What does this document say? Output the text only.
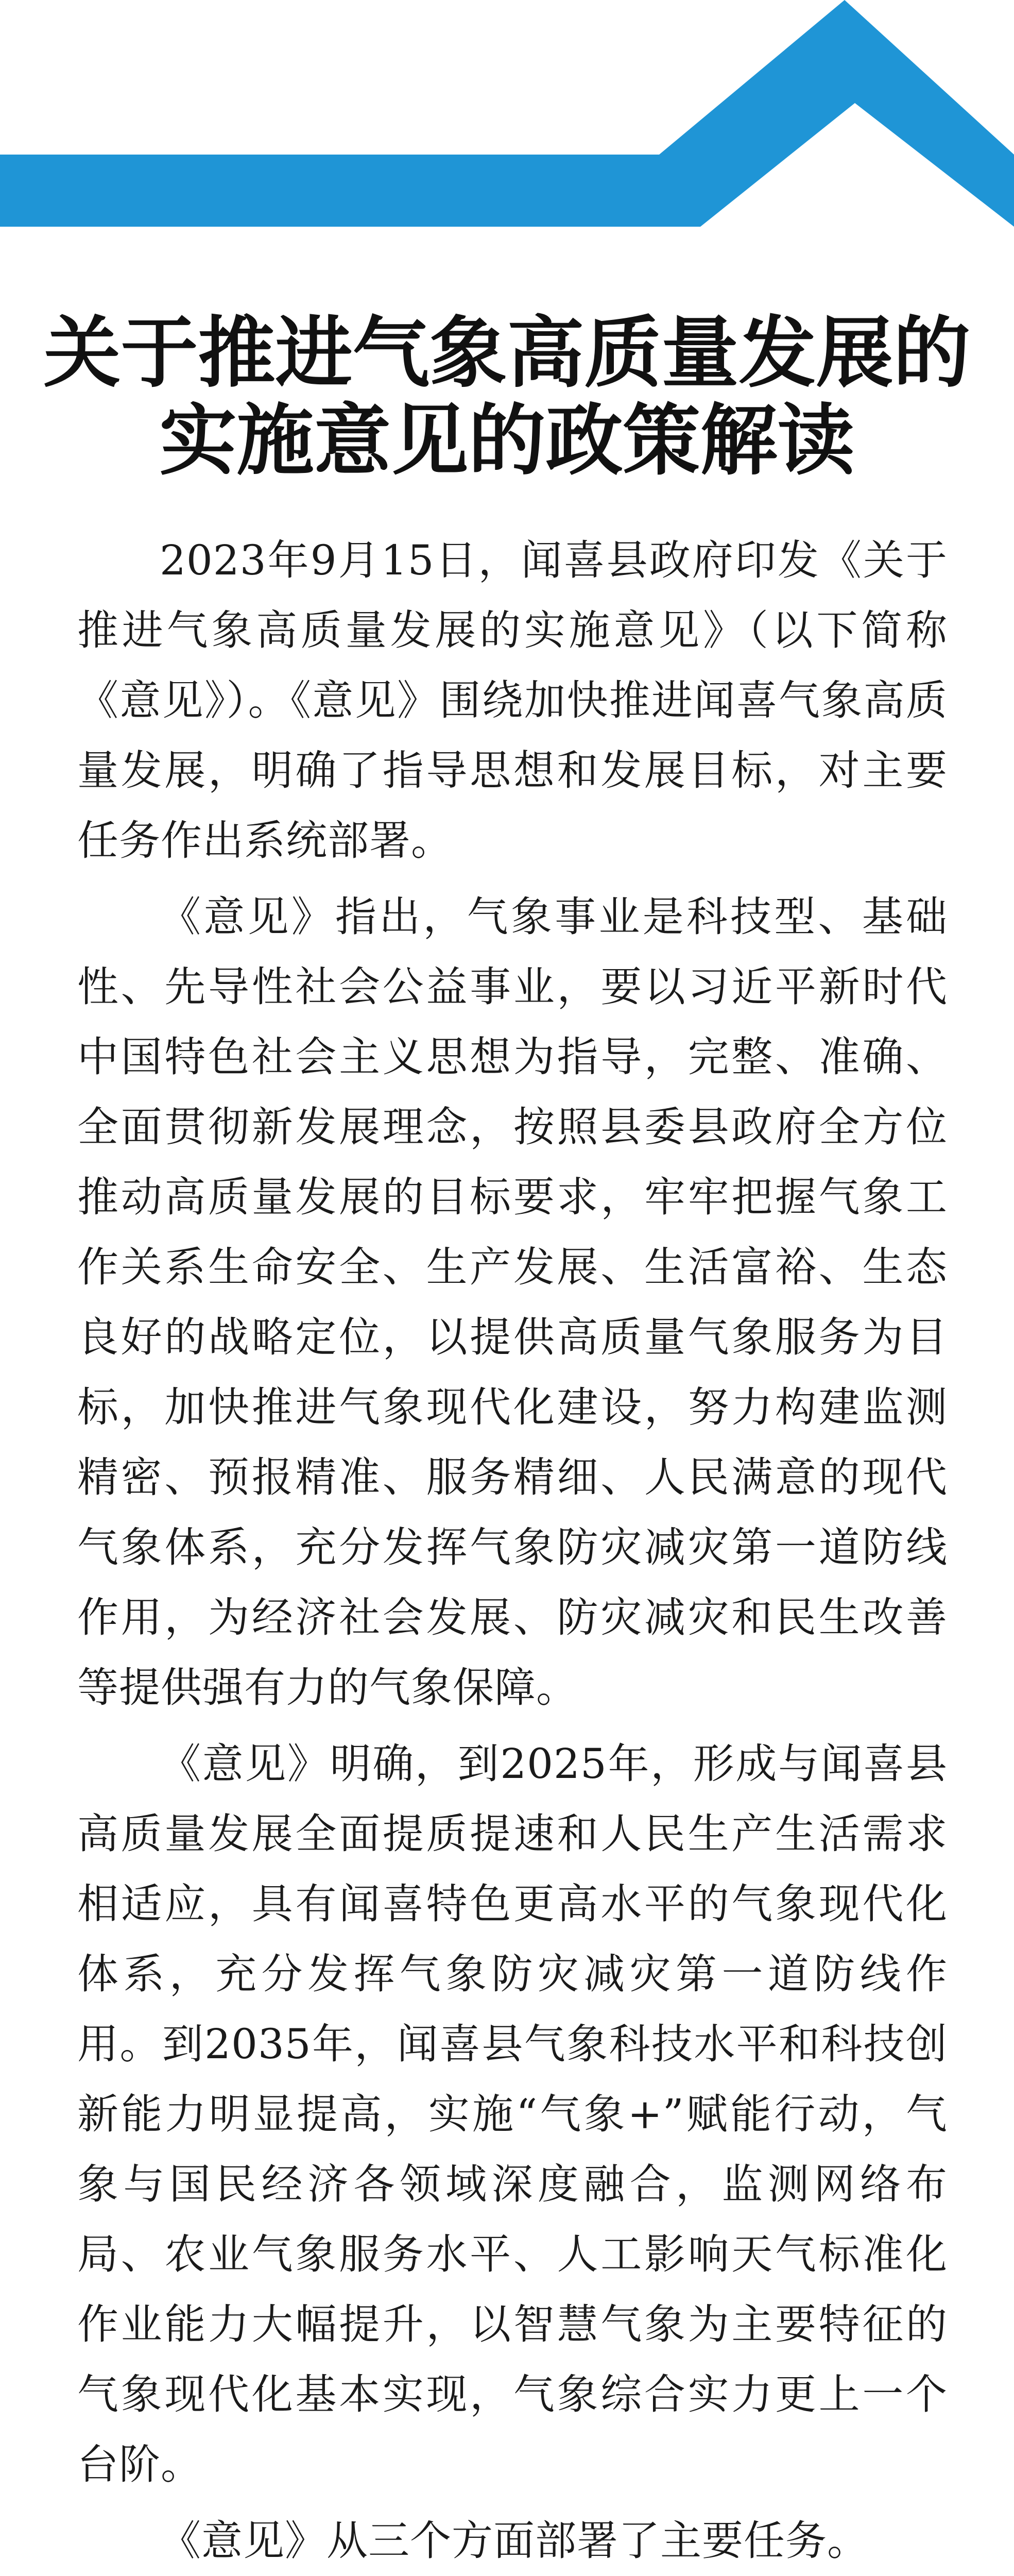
关于推进气象高质量发展的
实施意见的政策解读

2023年9月15日，闻喜县政府印发《关于推进气象高质量发展的实施意见》（以下简称《意见》）。《意见》围绕加快推进闻喜气象高质量发展，明确了指导思想和发展目标，对主要任务作出系统部署。

《意见》指出，气象事业是科技型、基础性、先导性社会公益事业，要以习近平新时代中国特色社会主义思想为指导，完整、准确、全面贯彻新发展理念，按照县委县政府全方位推动高质量发展的目标要求，牢牢把握气象工作关系生命安全、生产发展、生活富裕、生态良好的战略定位，以提供高质量气象服务为目标，加快推进气象现代化建设，努力构建监测精密、预报精准、服务精细、人民满意的现代气象体系，充分发挥气象防灾减灾第一道防线作用，为经济社会发展、防灾减灾和民生改善等提供强有力的气象保障。

《意见》明确，到2025年，形成与闻喜县高质量发展全面提质提速和人民生产生活需求相适应，具有闻喜特色更高水平的气象现代化体系，充分发挥气象防灾减灾第一道防线作用。到2035年，闻喜县气象科技水平和科技创新能力明显提高，实施“气象+”赋能行动，气象与国民经济各领域深度融合，监测网络布局、农业气象服务水平、人工影响天气标准化作业能力大幅提升，以智慧气象为主要特征的气象现代化基本实现，气象综合实力更上一个台阶。

《意见》从三个方面部署了主要任务。
